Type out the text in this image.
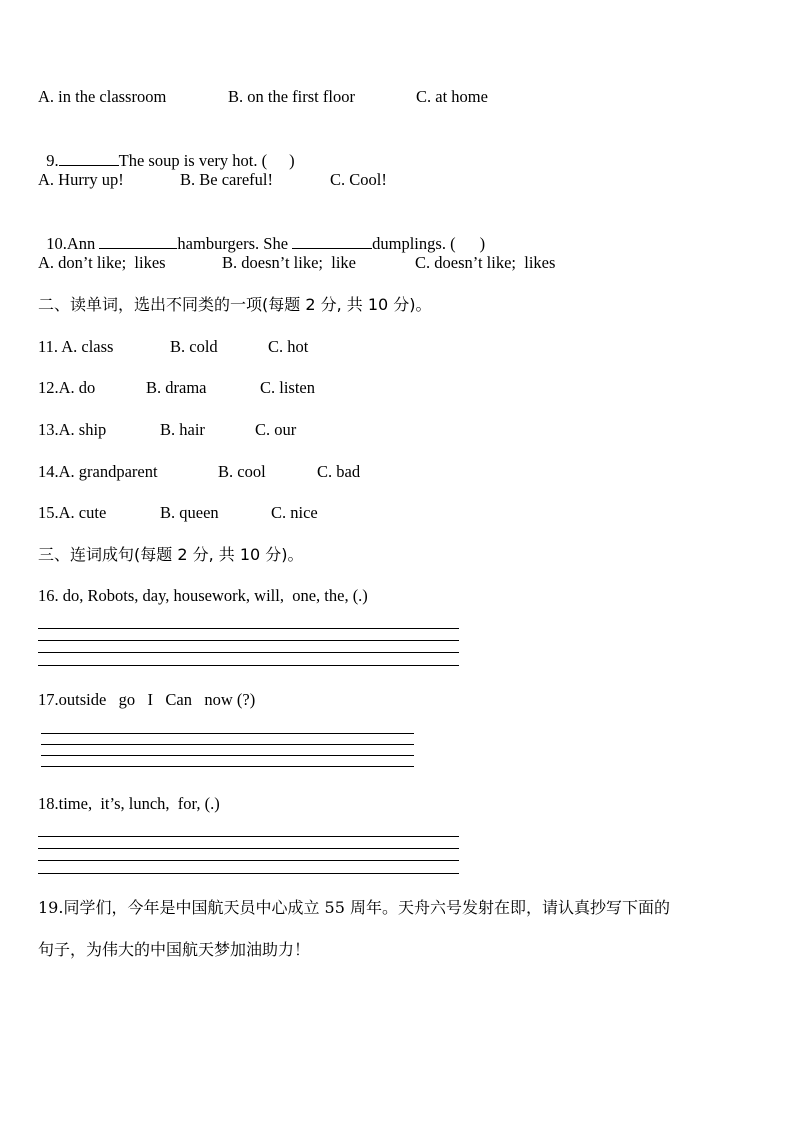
A. in the classroom	B. on the first floor	C. at home

9.	The soup is very hot. ( )

A. Hurry up!	B. Be careful!	C. Cool!

10.Ann	hamburgers. She	dumplings. ( )

A. don’t like;  likes	B. doesn’t like;  like	C. doesn’t like;  likes
二、读单词，选出不同类的一项(每题 2 分, 共 10 分)。
11. A. class	B. cold	C. hot
12.A. do	B. drama	C. listen
13.A. ship	B. hair	C. our
14.A. grandparent	B. cool	C. bad
15.A. cute	B. queen	C. nice
三、连词成句(每题 2 分, 共 10 分)。
16. do, Robots, day, housework, will,  one, the, (.)
17.outside   go   I   Can   now (?)
18.time,  it’s, lunch,  for, (.)
19.同学们，今年是中国航天员中心成立 55 周年。天舟六号发射在即，请认真抄写下面的
句子，为伟大的中国航天梦加油助力！
